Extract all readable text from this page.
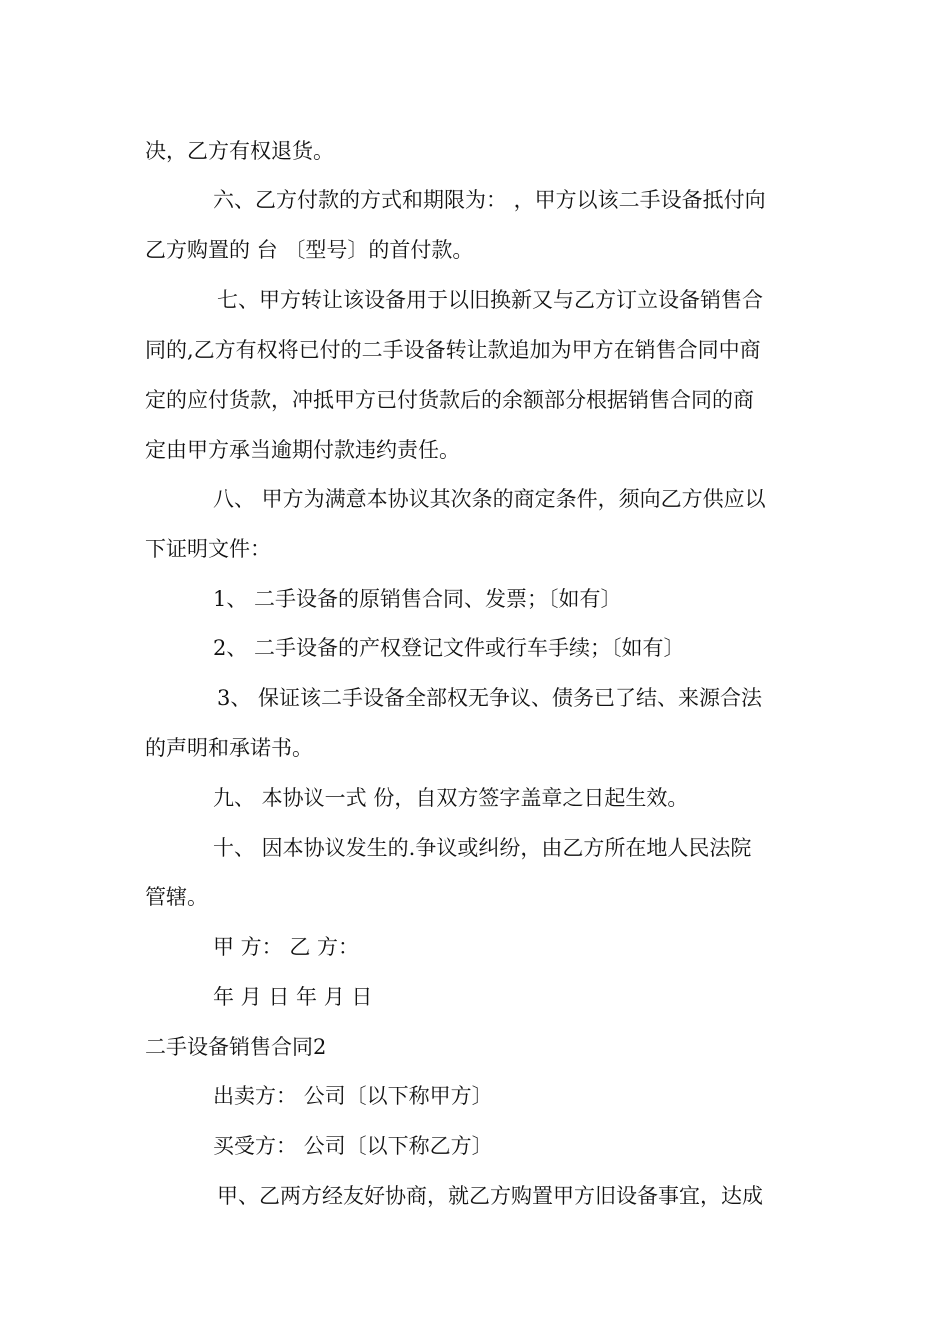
决，乙方有权退货。
六、乙方付款的方式和期限为： ，甲方以该二手设备抵付向
乙方购置的 台 〔型号〕的首付款。
七、甲方转让该设备用于以旧换新又与乙方订立设备销售合
同的,乙方有权将已付的二手设备转让款追加为甲方在销售合同中商
定的应付货款，冲抵甲方已付货款后的余额部分根据销售合同的商
定由甲方承当逾期付款违约责任。
八、 甲方为满意本协议其次条的商定条件，须向乙方供应以
下证明文件：
1、 二手设备的原销售合同、发票；〔如有〕
2、 二手设备的产权登记文件或行车手续；〔如有〕
3、 保证该二手设备全部权无争议、债务已了结、来源合法
的声明和承诺书。
九、 本协议一式 份，自双方签字盖章之日起生效。
十、 因本协议发生的.争议或纠纷，由乙方所在地人民法院
管辖。
甲 方： 乙 方：
年 月 日 年 月 日
二手设备销售合同2
出卖方： 公司〔以下称甲方〕
买受方： 公司〔以下称乙方〕
甲、乙两方经友好协商，就乙方购置甲方旧设备事宜，达成
